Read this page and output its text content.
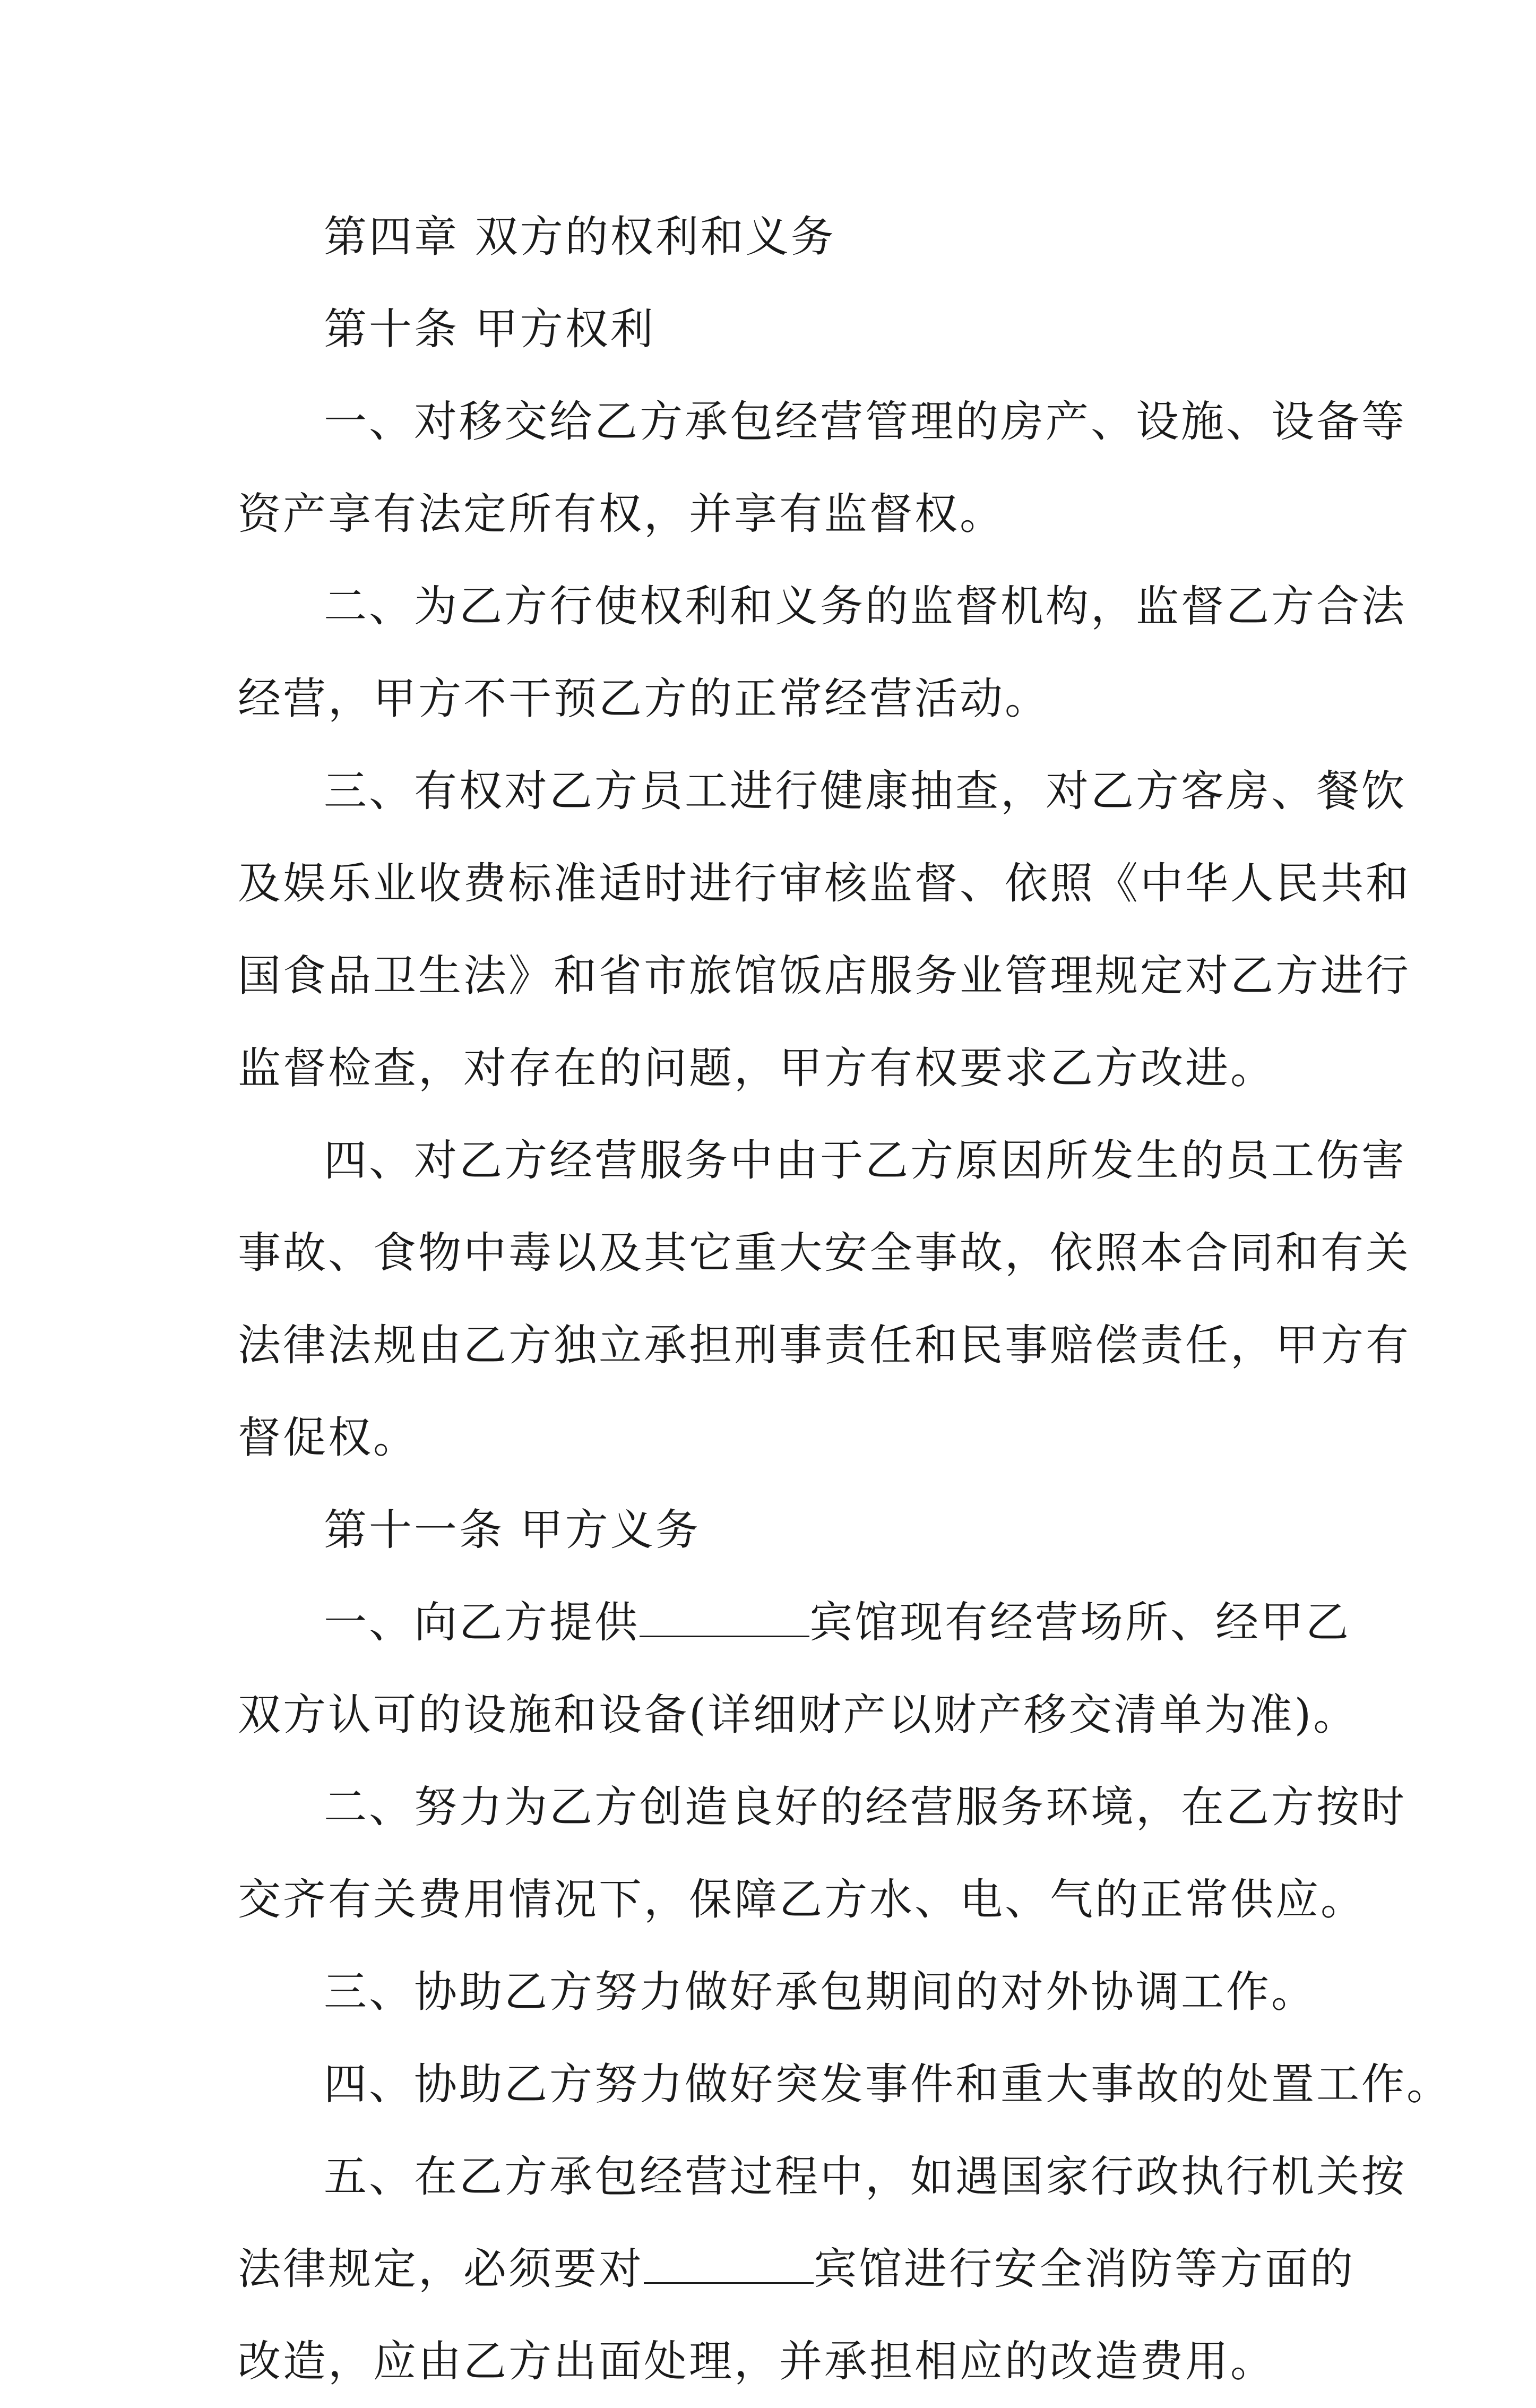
第四章 双方的权利和义务
第十条 甲方权利
一、对移交给乙方承包经营管理的房产、设施、设备等
资产享有法定所有权，并享有监督权。
二、为乙方行使权利和义务的监督机构，监督乙方合法
经营，甲方不干预乙方的正常经营活动。
三、有权对乙方员工进行健康抽查，对乙方客房、餐饮
及娱乐业收费标准适时进行审核监督、依照《中华人民共和
国食品卫生法》和省市旅馆饭店服务业管理规定对乙方进行
监督检查，对存在的问题，甲方有权要求乙方改进。
四、对乙方经营服务中由于乙方原因所发生的员工伤害
事故、食物中毒以及其它重大安全事故，依照本合同和有关
法律法规由乙方独立承担刑事责任和民事赔偿责任，甲方有
督促权。
第十一条 甲方义务
一、向乙方提供	宾馆现有经营场所、经甲乙
双方认可的设施和设备(详细财产以财产移交清单为准)。
二、努力为乙方创造良好的经营服务环境，在乙方按时
交齐有关费用情况下，保障乙方水、电、气的正常供应。
三、协助乙方努力做好承包期间的对外协调工作。
四、协助乙方努力做好突发事件和重大事故的处置工作。
五、在乙方承包经营过程中，如遇国家行政执行机关按
法律规定，必须要对	宾馆进行安全消防等方面的
改造，应由乙方出面处理，并承担相应的改造费用。
